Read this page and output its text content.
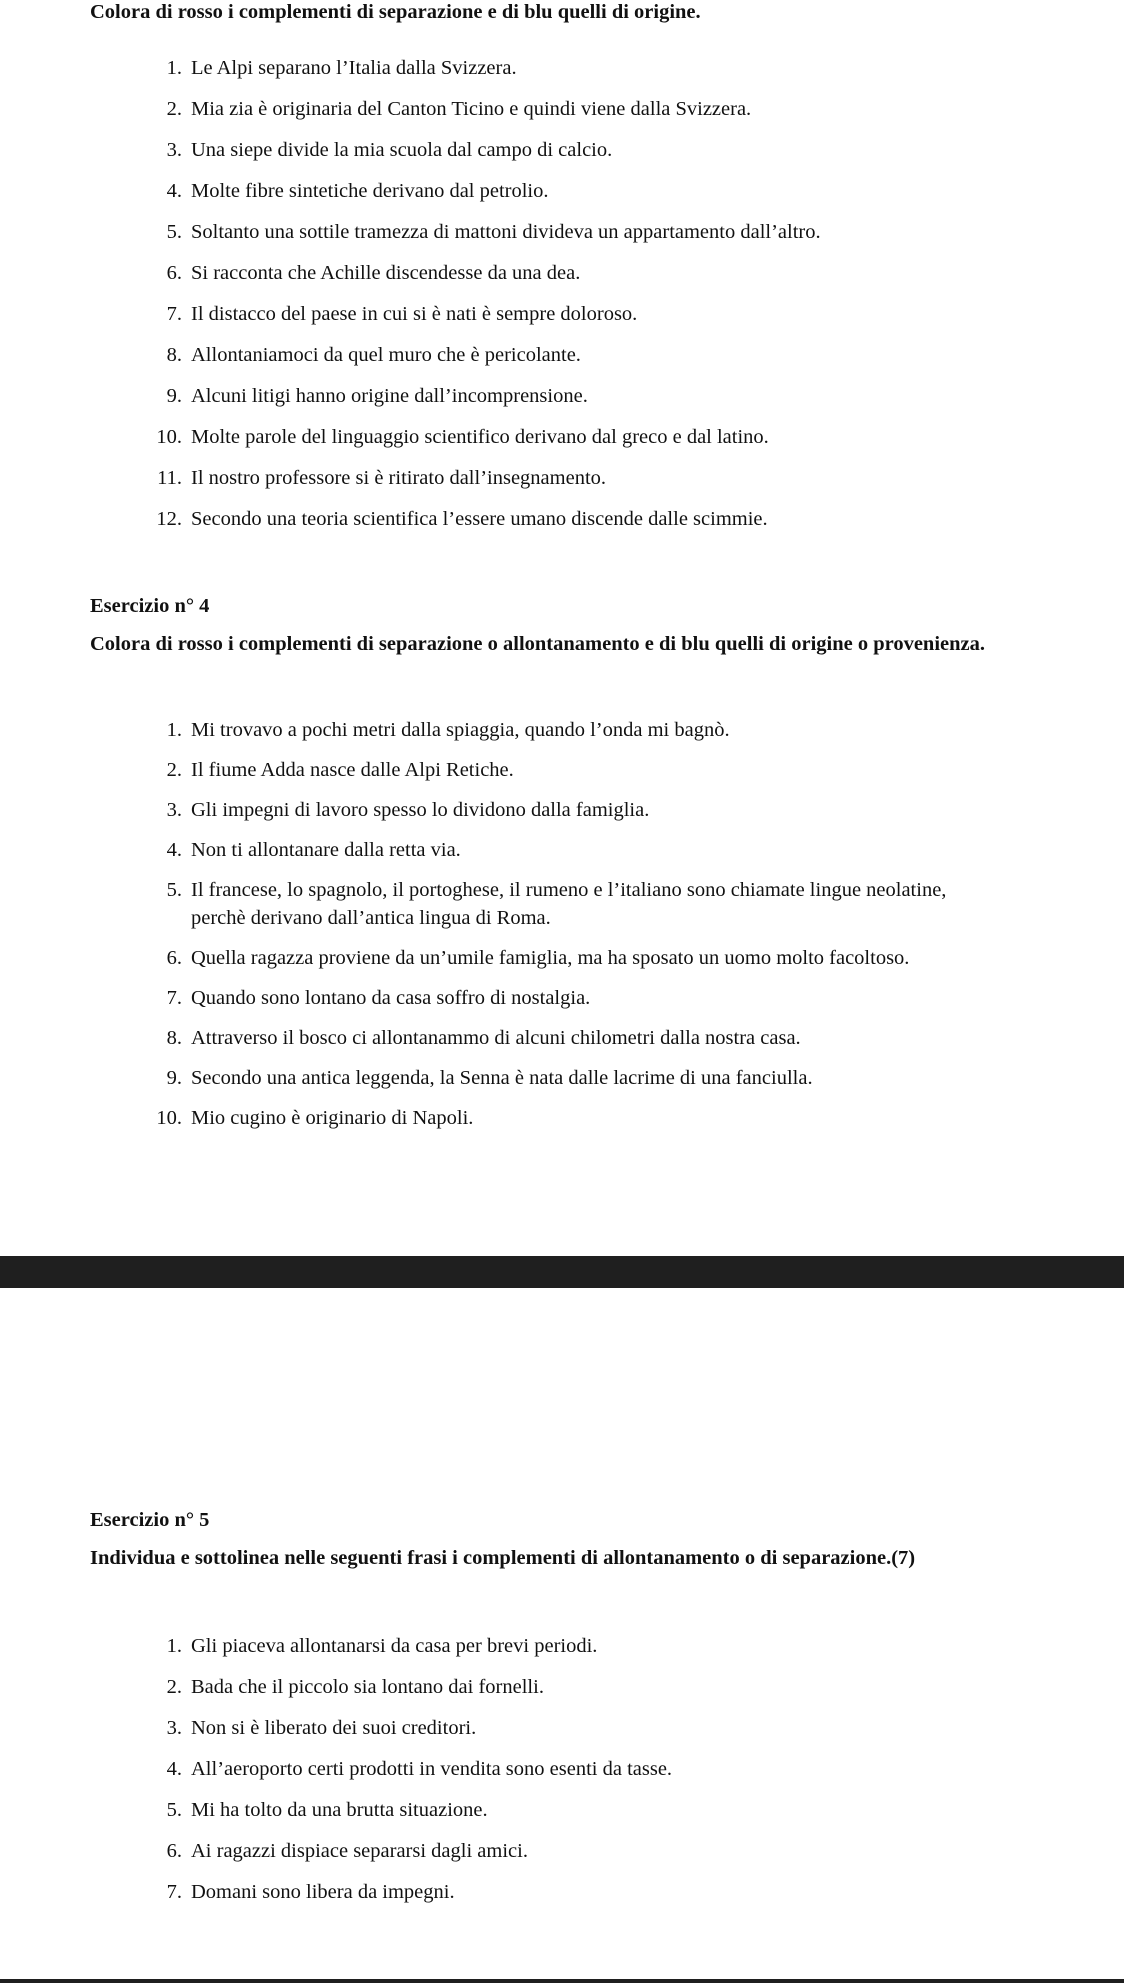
Colora di rosso i complementi di separazione e di blu quelli di origine.

1. Le Alpi separano l’Italia dalla Svizzera.
2. Mia zia è originaria del Canton Ticino e quindi viene dalla Svizzera.
3. Una siepe divide la mia scuola dal campo di calcio.
4. Molte fibre sintetiche derivano dal petrolio.
5. Soltanto una sottile tramezza di mattoni divideva un appartamento dall’altro.
6. Si racconta che Achille discendesse da una dea.
7. Il distacco del paese in cui si è nati è sempre doloroso.
8. Allontaniamoci da quel muro che è pericolante.
9. Alcuni litigi hanno origine dall’incomprensione.
10. Molte parole del linguaggio scientifico derivano dal greco e dal latino.
11. Il nostro professore si è ritirato dall’insegnamento.
12. Secondo una teoria scientifica l’essere umano discende dalle scimmie.

Esercizio n° 4

Colora di rosso i complementi di separazione o allontanamento e di blu quelli di origine o provenienza.

1. Mi trovavo a pochi metri dalla spiaggia, quando l’onda mi bagnò.
2. Il fiume Adda nasce dalle Alpi Retiche.
3. Gli impegni di lavoro spesso lo dividono dalla famiglia.
4. Non ti allontanare dalla retta via.
5. Il francese, lo spagnolo, il portoghese, il rumeno e l’italiano sono chiamate lingue neolatine, perchè derivano dall’antica lingua di Roma.
6. Quella ragazza proviene da un’umile famiglia, ma ha sposato un uomo molto facoltoso.
7. Quando sono lontano da casa soffro di nostalgia.
8. Attraverso il bosco ci allontanammo di alcuni chilometri dalla nostra casa.
9. Secondo una antica leggenda, la Senna è nata dalle lacrime di una fanciulla.
10. Mio cugino è originario di Napoli.

Esercizio n° 5

Individua e sottolinea nelle seguenti frasi i complementi di allontanamento o di separazione.(7)

1. Gli piaceva allontanarsi da casa per brevi periodi.
2. Bada che il piccolo sia lontano dai fornelli.
3. Non si è liberato dei suoi creditori.
4. All’aeroporto certi prodotti in vendita sono esenti da tasse.
5. Mi ha tolto da una brutta situazione.
6. Ai ragazzi dispiace separarsi dagli amici.
7. Domani sono libera da impegni.
